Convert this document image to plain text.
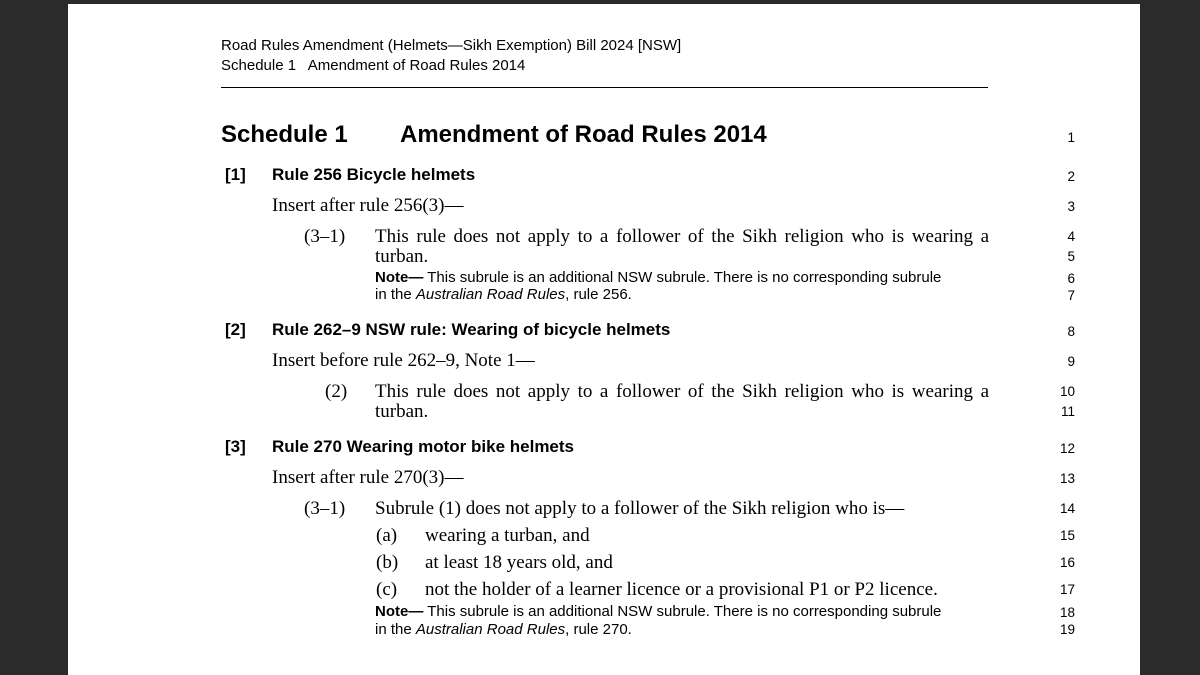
Road Rules Amendment (Helmets—Sikh Exemption) Bill 2024 [NSW]
Schedule 1   Amendment of Road Rules 2014
Schedule 1 Amendment of Road Rules 2014
[1] Rule 256 Bicycle helmets
Insert after rule 256(3)—
(3–1) This rule does not apply to a follower of the Sikh religion who is wearing a
turban.
Note— This subrule is an additional NSW subrule. There is no corresponding subrule
in the Australian Road Rules, rule 256.
[2] Rule 262–9 NSW rule: Wearing of bicycle helmets
Insert before rule 262–9, Note 1—
(2) This rule does not apply to a follower of the Sikh religion who is wearing a
turban.
[3] Rule 270 Wearing motor bike helmets
Insert after rule 270(3)—
(3–1) Subrule (1) does not apply to a follower of the Sikh religion who is—
(a) wearing a turban, and
(b) at least 18 years old, and
(c) not the holder of a learner licence or a provisional P1 or P2 licence.
Note— This subrule is an additional NSW subrule. There is no corresponding subrule
in the Australian Road Rules, rule 270.
1
2
3
4
5
6
7
8
9
10
11
12
13
14
15
16
17
18
19
